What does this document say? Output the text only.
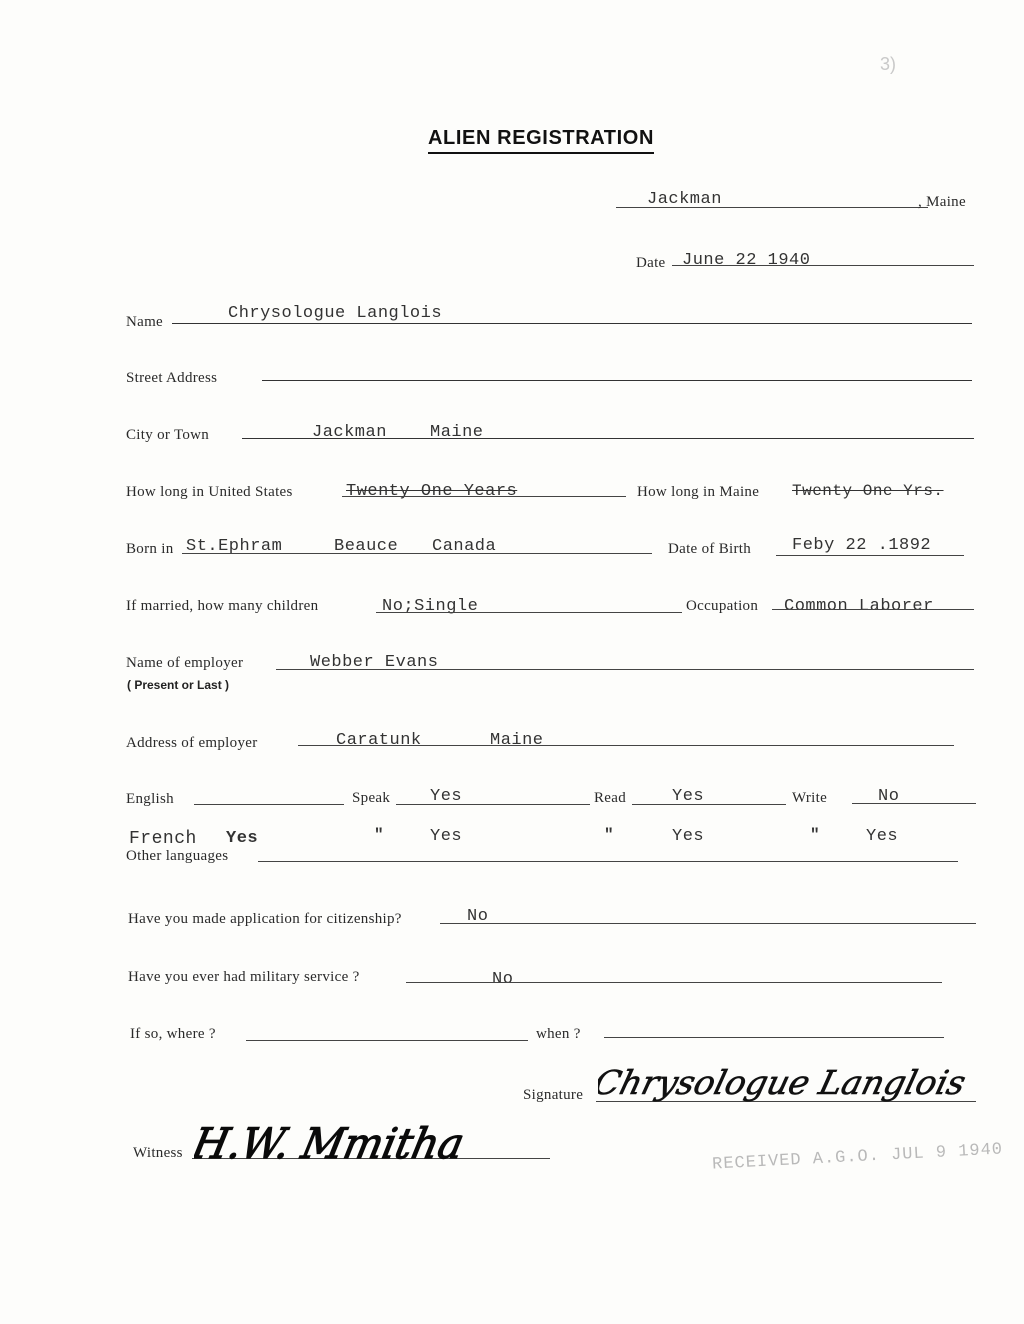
3)
ALIEN REGISTRATION
Jackman	, Maine
Date June 22 1940
Name	Chrysologue Langlois
Street Address
City or Town	Jackman	Maine
How long in United States	Twenty One Years	How long in Maine Twenty One Yrs.
Born in St.Ephram	Beauce Canada	Date of Birth Feby 22 .1892
If married, how many children	No;Single	Occupation Common Laborer
Name of employer
( Present or Last )
Webber Evans
Address of employer	Caratunk	Maine
English	Speak Yes	Read	Yes	Write	No
French Yes	"	Yes	"	Yes	"	Yes
Other languages
Have you made application for citizenship?	No
Have you ever had military service ?	No
If so, where ?	when ?
Signature Chrysologue Langlois
Witness H.W. Mmitha	RECEIVED A.G.O. JUL 9 1940
